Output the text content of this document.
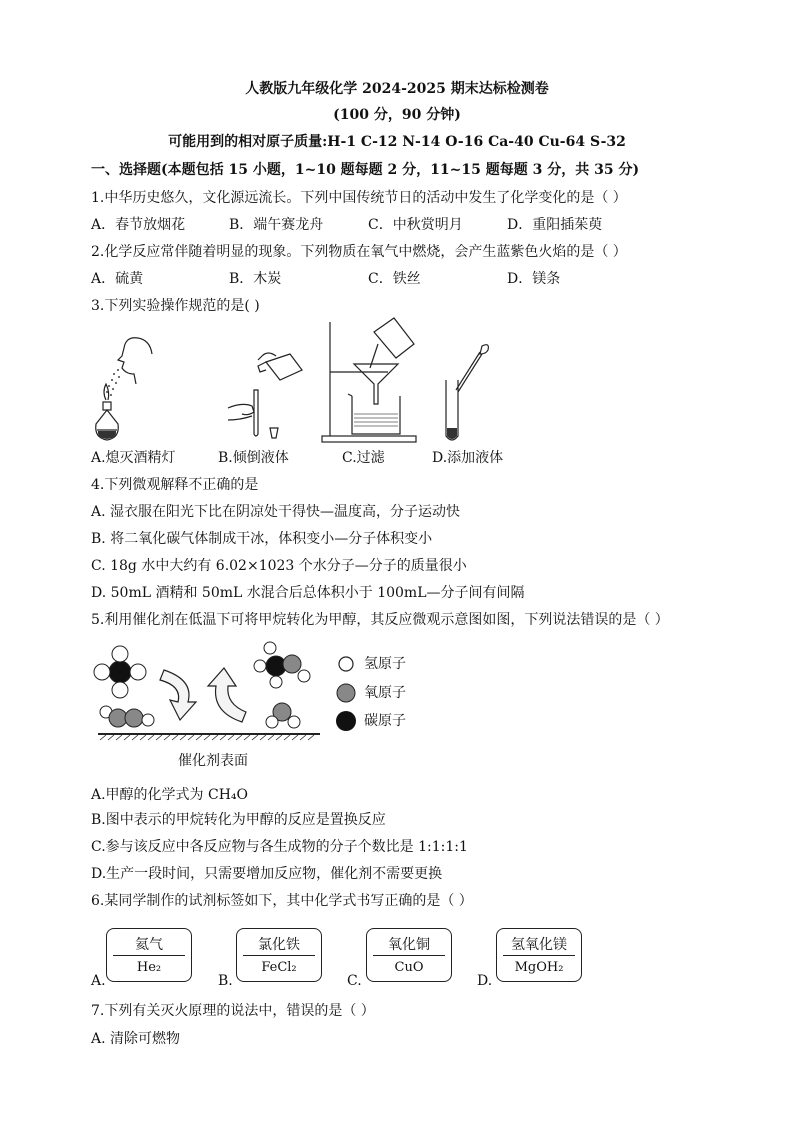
人教版九年级化学 2024-2025 期末达标检测卷
(100 分，90 分钟)
可能用到的相对原子质量:H-1 C-12 N-14 O-16 Ca-40 Cu-64 S-32
一、选择题(本题包括 15 小题，1~10 题每题 2 分，11~15 题每题 3 分，共 35 分)
1.中华历史悠久，文化源远流长。下列中国传统节日的活动中发生了化学变化的是（ ）
A．春节放烟花	B．端午赛龙舟	C．中秋赏明月	D．重阳插茱萸
2.化学反应常伴随着明显的现象。下列物质在氧气中燃烧，会产生蓝紫色火焰的是（ ）
A．硫黄	B．木炭	C．铁丝	D．镁条
3.下列实验操作规范的是( )
A.熄灭酒精灯	B.倾倒液体	C.过滤	D.添加液体
4.下列微观解释不正确的是
A. 湿衣服在阳光下比在阴凉处干得快—温度高，分子运动快
B. 将二氧化碳气体制成干冰，体积变小—分子体积变小
C. 18g 水中大约有 6.02×1023 个水分子—分子的质量很小
D. 50mL 酒精和 50mL 水混合后总体积小于 100mL—分子间有间隔
5.利用催化剂在低温下可将甲烷转化为甲醇，其反应微观示意图如图，下列说法错误的是（ ）
氢原子
氧原子
碳原子
催化剂表面
A.甲醇的化学式为 CH₄O
B.图中表示的甲烷转化为甲醇的反应是置换反应
C.参与该反应中各反应物与各生成物的分子个数比是 1:1:1:1
D.生产一段时间，只需要增加反应物，催化剂不需要更换
6.某同学制作的试剂标签如下，其中化学式书写正确的是（ ）
A.
氦气
He₂
B.
氯化铁
FeCl₂
C.
氧化铜
CuO
D.
氢氧化镁
MgOH₂
7.下列有关灭火原理的说法中，错误的是（ ）
A. 清除可燃物
